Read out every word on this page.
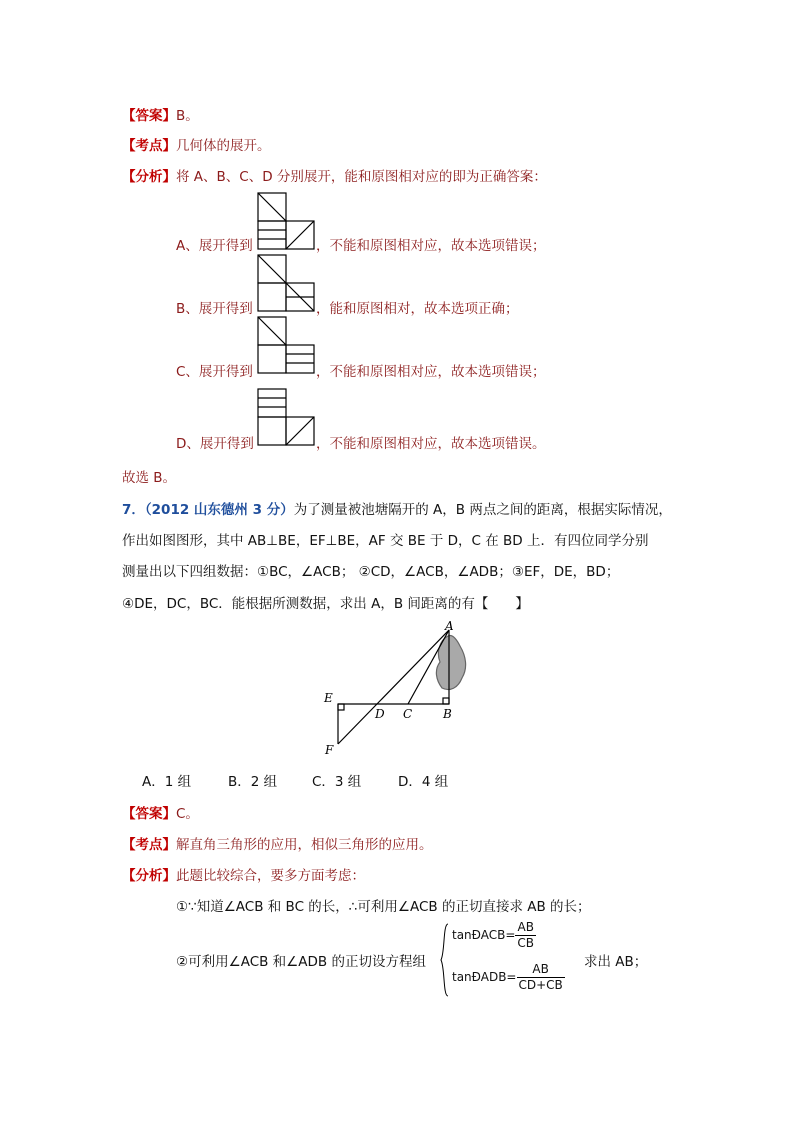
【答案】B。
【考点】几何体的展开。
【分析】将 A、B、C、D 分别展开，能和原图相对应的即为正确答案：
A、展开得到	，不能和原图相对应，故本选项错误；
B、展开得到	，能和原图相对，故本选项正确；
C、展开得到	，不能和原图相对应，故本选项错误；
D、展开得到	，不能和原图相对应，故本选项错误。
故选 B。
7．（2012 山东德州 3 分）为了测量被池塘隔开的 A，B 两点之间的距离，根据实际情况，
作出如图图形，其中 AB⊥BE，EF⊥BE，AF 交 BE 于 D，C 在 BD 上．有四位同学分别
测量出以下四组数据：①BC，∠ACB； ②CD，∠ACB，∠ADB；③EF，DE，BD；
④DE，DC，BC．能根据所测数据，求出 A，B 间距离的有【　　】
A
B
C
D
E
F
A．1 组	B．2 组	C．3 组	D．4 组
【答案】C。
【考点】解直角三角形的应用，相似三角形的应用。
【分析】此题比较综合，要多方面考虑：
①∵知道∠ACB 和 BC 的长，∴可利用∠ACB 的正切直接求 AB 的长；
②可利用∠ACB 和∠ADB 的正切设方程组
tanÐACB= $\frac{AB}{CB}$
tanÐADB= $\frac{AB}{CD+CB}$ 求出 AB；
